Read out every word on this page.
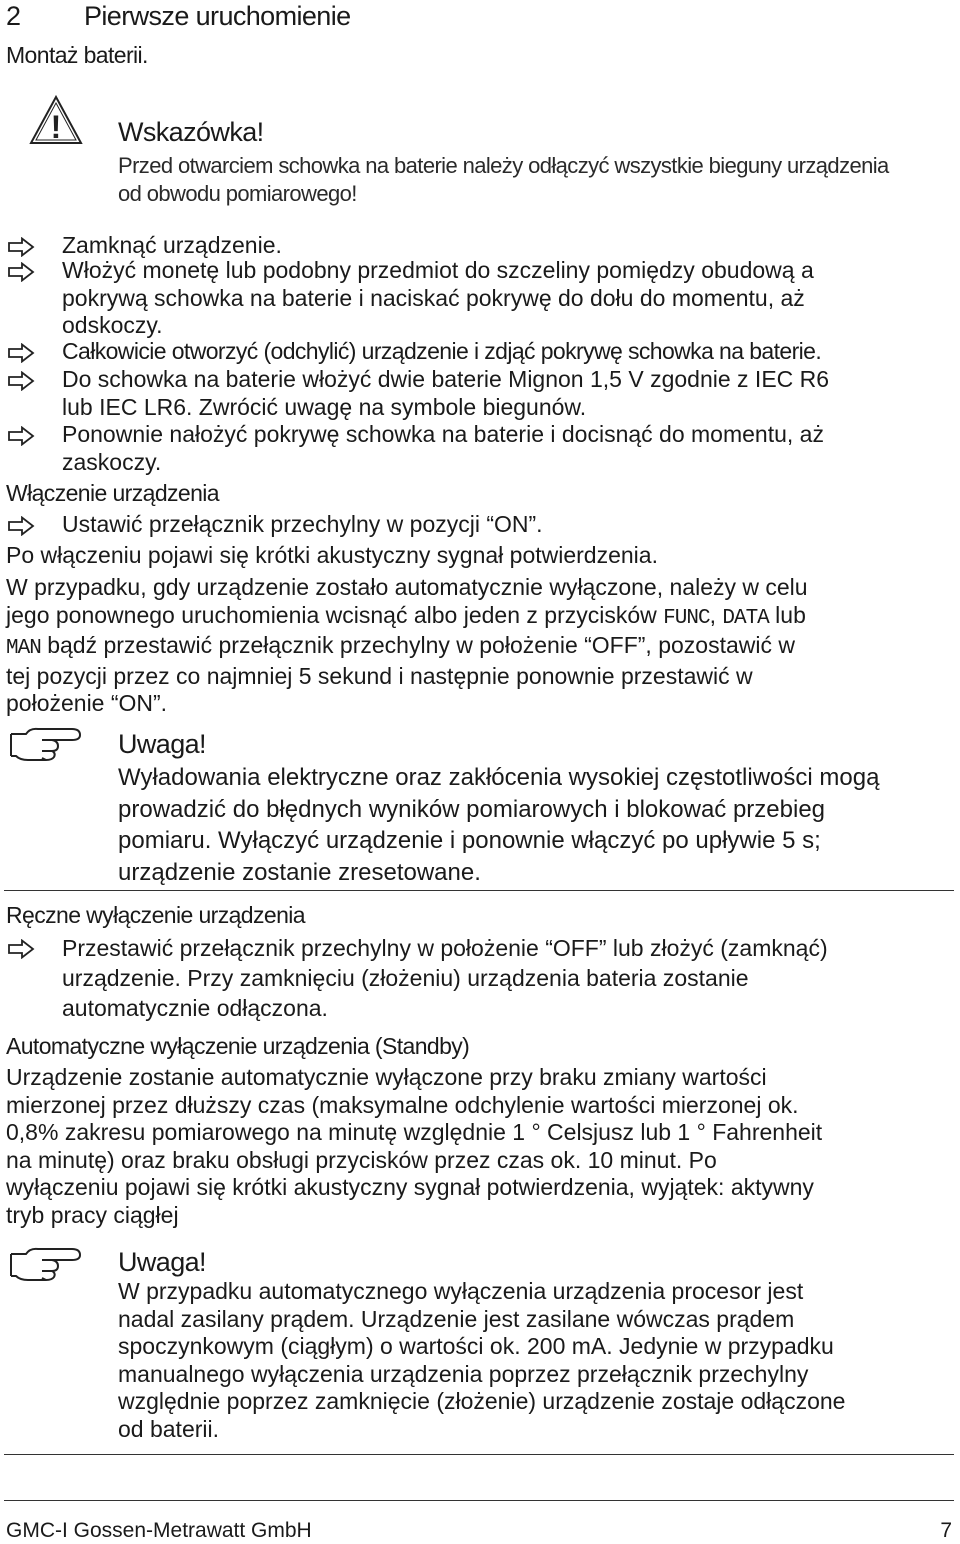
2 Pierwsze uruchomienie
Montaż baterii.
! Wskazówka!
Przed otwarciem schowka na baterie należy odłączyć wszystkie bieguny urządzenia
od obwodu pomiarowego!
Zamknąć urządzenie.
Włożyć monetę lub podobny przedmiot do szczeliny pomiędzy obudową a
pokrywą schowka na baterie i naciskać pokrywę do dołu do momentu, aż
odskoczy.
Całkowicie otworzyć (odchylić) urządzenie i zdjąć pokrywę schowka na baterie.
Do schowka na baterie włożyć dwie baterie Mignon 1,5 V zgodnie z IEC R6
lub IEC LR6. Zwrócić uwagę na symbole biegunów.
Ponownie nałożyć pokrywę schowka na baterie i docisnąć do momentu, aż
zaskoczy.
Włączenie urządzenia
Ustawić przełącznik przechylny w pozycji “ON”.
Po włączeniu pojawi się krótki akustyczny sygnał potwierdzenia.
W przypadku, gdy urządzenie zostało automatycznie wyłączone, należy w celu
jego ponownego uruchomienia wcisnąć albo jeden z przycisków FUNC, DATA lub
MAN bądź przestawić przełącznik przechylny w położenie “OFF”, pozostawić w
tej pozycji przez co najmniej 5 sekund i następnie ponownie przestawić w
położenie “ON”.
Uwaga!
Wyładowania elektryczne oraz zakłócenia wysokiej częstotliwości mogą
prowadzić do błędnych wyników pomiarowych i blokować przebieg
pomiaru. Wyłączyć urządzenie i ponownie włączyć po upływie 5 s;
urządzenie zostanie zresetowane.
Ręczne wyłączenie urządzenia
Przestawić przełącznik przechylny w położenie “OFF” lub złożyć (zamknąć)
urządzenie. Przy zamknięciu (złożeniu) urządzenia bateria zostanie
automatycznie odłączona.
Automatyczne wyłączenie urządzenia (Standby)
Urządzenie zostanie automatycznie wyłączone przy braku zmiany wartości
mierzonej przez dłuższy czas (maksymalne odchylenie wartości mierzonej ok.
0,8% zakresu pomiarowego na minutę względnie 1 ° Celsjusz lub 1 ° Fahrenheit
na minutę) oraz braku obsługi przycisków przez czas ok. 10 minut. Po
wyłączeniu pojawi się krótki akustyczny sygnał potwierdzenia, wyjątek: aktywny
tryb pracy ciągłej
Uwaga!
W przypadku automatycznego wyłączenia urządzenia procesor jest
nadal zasilany prądem. Urządzenie jest zasilane wówczas prądem
spoczynkowym (ciągłym) o wartości ok. 200 mA. Jedynie w przypadku
manualnego wyłączenia urządzenia poprzez przełącznik przechylny
względnie poprzez zamknięcie (złożenie) urządzenie zostaje odłączone
od baterii.
GMC-I Gossen-Metrawatt GmbH	7
